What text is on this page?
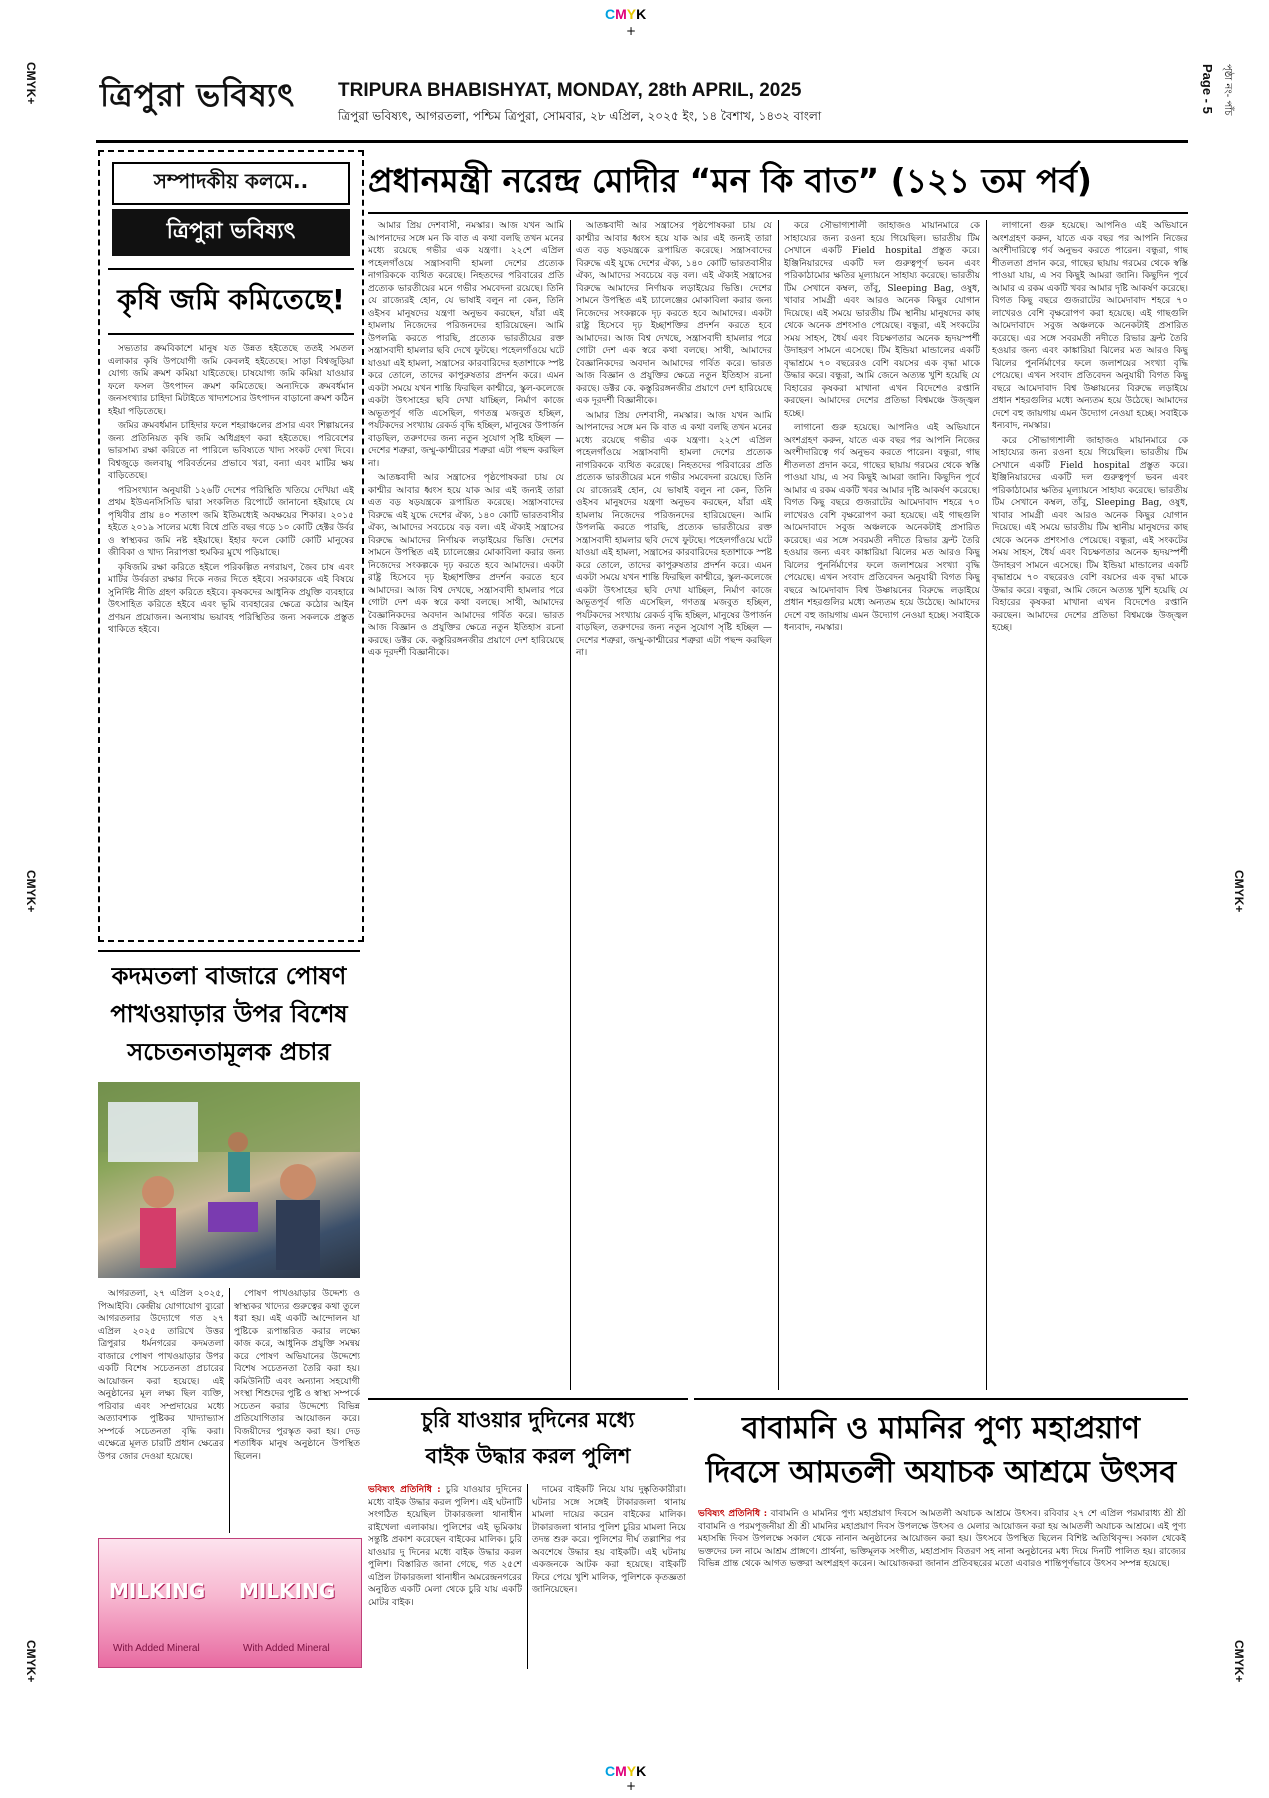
CMYK
+
CMYK
+
CMYK+
CMYK+
CMYK+
CMYK+
CMYK+
ত্রিপুরা ভবিষ্যৎ TRIPURA BHABISHYAT, MONDAY, 28th APRIL, 2025
ত্রিপুরা ভবিষ্যৎ, আগরতলা, পশ্চিম ত্রিপুরা, সোমবার, ২৮ এপ্রিল, ২০২৫ ইং, ১৪ বৈশাখ, ১৪৩২ বাংলা
Page - 5 পৃষ্ঠা নং- পাঁচ
সম্পাদকীয় কলমে..
ত্রিপুরা ভবিষ্যৎ
কৃষি জমি কমিতেছে!

সভ্যতার ক্রমবিকাশে মানুষ যত উন্নত হইতেছে ততই সমতল এলাকার কৃষি উপযোগী জমি কেবলই হইতেছে। সাড়া বিশ্বজুড়িয়া যোগ্য জমি ক্রমশ কমিয়া যাইতেছে। চাষযোগ্য জমি কমিয়া যাওয়ার ফলে ফসল উৎপাদন ক্রমশ কমিতেছে। অন্যদিকে ক্রমবর্ধমান জনসংখ্যার চাহিদা মিটাইতে খাদ্যশস্যের উৎপাদন বাড়ানো ক্রমশ কঠিন হইয়া পড়িতেছে।

জমির ক্রমবর্ধমান চাহিদার ফলে শহরাঞ্চলের প্রসার এবং শিল্পায়নের জন্য প্রতিনিয়ত কৃষি জমি অধিগ্রহণ করা হইতেছে। পরিবেশের ভারসাম্য রক্ষা করিতে না পারিলে ভবিষ্যতে খাদ্য সংকট দেখা দিবে। বিশ্বজুড়ে জলবায়ু পরিবর্তনের প্রভাবে খরা, বন্যা এবং মাটির ক্ষয় বাড়িতেছে।

পরিসংখ্যান অনুযায়ী ১২৬টি দেশের পরিস্থিতি খতিয়ে দেখিয়া এই প্রথম ইউএনসিসিডি দ্বারা সংকলিত রিপোর্টে জানানো হইয়াছে যে পৃথিবীর প্রায় ৪০ শতাংশ জমি ইতিমধ্যেই অবক্ষয়ের শিকার। ২০১৫ হইতে ২০১৯ সালের মধ্যে বিশ্বে প্রতি বছর গড়ে ১০ কোটি হেক্টর উর্বর ও স্বাস্থ্যকর জমি নষ্ট হইয়াছে। ইহার ফলে কোটি কোটি মানুষের জীবিকা ও খাদ্য নিরাপত্তা হুমকির মুখে পড়িয়াছে।

কৃষিজমি রক্ষা করিতে হইলে পরিকল্পিত নগরায়ণ, জৈব চাষ এবং মাটির উর্বরতা রক্ষার দিকে নজর দিতে হইবে। সরকারকে এই বিষয়ে সুনির্দিষ্ট নীতি গ্রহণ করিতে হইবে। কৃষকদের আধুনিক প্রযুক্তি ব্যবহারে উৎসাহিত করিতে হইবে এবং ভূমি ব্যবহারের ক্ষেত্রে কঠোর আইন প্রণয়ন প্রয়োজন। অন্যথায় ভয়াবহ পরিস্থিতির জন্য সকলকে প্রস্তুত থাকিতে হইবে।

প্রধানমন্ত্রী নরেন্দ্র মোদীর “মন কি বাত” (১২১ তম পর্ব)

আমার প্রিয় দেশবাসী, নমস্কার। আজ যখন আমি আপনাদের সঙ্গে মন কি বাত এ কথা বলছি তখন মনের মধ্যে রয়েছে গভীর এক যন্ত্রণা। ২২শে এপ্রিল পহেলগাঁওয়ে সন্ত্রাসবাদী হামলা দেশের প্রত্যেক নাগরিককে ব্যথিত করেছে। নিহতদের পরিবারের প্রতি প্রত্যেক ভারতীয়ের মনে গভীর সমবেদনা রয়েছে। তিনি যে রাজ্যেরই হোন, যে ভাষাই বলুন না কেন, তিনি ওইসব মানুষদের যন্ত্রণা অনুভব করছেন, যাঁরা এই হামলায় নিজেদের পরিজনদের হারিয়েছেন। আমি উপলব্ধি করতে পারছি, প্রত্যেক ভারতীয়ের রক্ত সন্ত্রাসবাদী হামলার ছবি দেখে ফুটছে। পহেলগাঁওয়ে ঘটে যাওয়া এই হামলা, সন্ত্রাসের কারবারিদের হতাশাকে স্পষ্ট করে তোলে, তাদের কাপুরুষতার প্রদর্শন করে। এমন একটা সময়ে যখন শান্তি ফিরছিল কাশ্মীরে, স্কুল-কলেজে একটা উৎসাহের ছবি দেখা যাচ্ছিল, নির্মাণ কাজে অভূতপূর্ব গতি এসেছিল, গণতন্ত্র মজবুত হচ্ছিল, পর্যটকদের সংখ্যায় রেকর্ড বৃদ্ধি হচ্ছিল, মানুষের উপার্জন বাড়ছিল, তরুণদের জন্য নতুন সুযোগ সৃষ্টি হচ্ছিল — দেশের শত্রুরা, জম্মু-কাশ্মীরের শত্রুরা এটা পছন্দ করছিল না।

আতঙ্কবাদী আর সন্ত্রাসের পৃষ্ঠপোষকরা চায় যে কাশ্মীর আবার ধ্বংস হয়ে যাক আর এই জন্যই তারা এত বড় ষড়যন্ত্রকে রূপায়িত করেছে। সন্ত্রাসবাদের বিরুদ্ধে এই যুদ্ধে দেশের ঐক্য, ১৪০ কোটি ভারতবাসীর ঐক্য, আমাদের সবচেয়ে বড় বল। এই ঐক্যই সন্ত্রাসের বিরুদ্ধে আমাদের নির্ণায়ক লড়াইয়ের ভিত্তি। দেশের সামনে উপস্থিত এই চ্যালেঞ্জের মোকাবিলা করার জন্য নিজেদের সংকল্পকে দৃঢ় করতে হবে আমাদের। একটা রাষ্ট্র হিসেবে দৃঢ় ইচ্ছাশক্তির প্রদর্শন করতে হবে আমাদের। আজ বিশ্ব দেখছে, সন্ত্রাসবাদী হামলার পরে গোটা দেশ এক স্বরে কথা বলছে। সাথী, আমাদের বৈজ্ঞানিকদের অবদান আমাদের গর্বিত করে। ভারত আজ বিজ্ঞান ও প্রযুক্তির ক্ষেত্রে নতুন ইতিহাস রচনা করছে। ডক্টর কে. কস্তুরিরঙ্গনজীর প্রয়াণে দেশ হারিয়েছে এক দূরদর্শী বিজ্ঞানীকে।

আতঙ্কবাদী আর সন্ত্রাসের পৃষ্ঠপোষকরা চায় যে কাশ্মীর আবার ধ্বংস হয়ে যাক আর এই জন্যই তারা এত বড় ষড়যন্ত্রকে রূপায়িত করেছে। সন্ত্রাসবাদের বিরুদ্ধে এই যুদ্ধে দেশের ঐক্য, ১৪০ কোটি ভারতবাসীর ঐক্য, আমাদের সবচেয়ে বড় বল। এই ঐক্যই সন্ত্রাসের বিরুদ্ধে আমাদের নির্ণায়ক লড়াইয়ের ভিত্তি। দেশের সামনে উপস্থিত এই চ্যালেঞ্জের মোকাবিলা করার জন্য নিজেদের সংকল্পকে দৃঢ় করতে হবে আমাদের। একটা রাষ্ট্র হিসেবে দৃঢ় ইচ্ছাশক্তির প্রদর্শন করতে হবে আমাদের। আজ বিশ্ব দেখছে, সন্ত্রাসবাদী হামলার পরে গোটা দেশ এক স্বরে কথা বলছে। সাথী, আমাদের বৈজ্ঞানিকদের অবদান আমাদের গর্বিত করে। ভারত আজ বিজ্ঞান ও প্রযুক্তির ক্ষেত্রে নতুন ইতিহাস রচনা করছে। ডক্টর কে. কস্তুরিরঙ্গনজীর প্রয়াণে দেশ হারিয়েছে এক দূরদর্শী বিজ্ঞানীকে।

আমার প্রিয় দেশবাসী, নমস্কার। আজ যখন আমি আপনাদের সঙ্গে মন কি বাত এ কথা বলছি তখন মনের মধ্যে রয়েছে গভীর এক যন্ত্রণা। ২২শে এপ্রিল পহেলগাঁওয়ে সন্ত্রাসবাদী হামলা দেশের প্রত্যেক নাগরিককে ব্যথিত করেছে। নিহতদের পরিবারের প্রতি প্রত্যেক ভারতীয়ের মনে গভীর সমবেদনা রয়েছে। তিনি যে রাজ্যেরই হোন, যে ভাষাই বলুন না কেন, তিনি ওইসব মানুষদের যন্ত্রণা অনুভব করছেন, যাঁরা এই হামলায় নিজেদের পরিজনদের হারিয়েছেন। আমি উপলব্ধি করতে পারছি, প্রত্যেক ভারতীয়ের রক্ত সন্ত্রাসবাদী হামলার ছবি দেখে ফুটছে। পহেলগাঁওয়ে ঘটে যাওয়া এই হামলা, সন্ত্রাসের কারবারিদের হতাশাকে স্পষ্ট করে তোলে, তাদের কাপুরুষতার প্রদর্শন করে। এমন একটা সময়ে যখন শান্তি ফিরছিল কাশ্মীরে, স্কুল-কলেজে একটা উৎসাহের ছবি দেখা যাচ্ছিল, নির্মাণ কাজে অভূতপূর্ব গতি এসেছিল, গণতন্ত্র মজবুত হচ্ছিল, পর্যটকদের সংখ্যায় রেকর্ড বৃদ্ধি হচ্ছিল, মানুষের উপার্জন বাড়ছিল, তরুণদের জন্য নতুন সুযোগ সৃষ্টি হচ্ছিল — দেশের শত্রুরা, জম্মু-কাশ্মীরের শত্রুরা এটা পছন্দ করছিল না।

করে সৌভাগ্যশালী জাহাজও মায়ানমারে কে সাহায্যের জন্য রওনা হয়ে গিয়েছিল। ভারতীয় টিম সেখানে একটি Field hospital প্রস্তুত করে। ইঞ্জিনিয়ারদের একটি দল গুরুত্বপূর্ণ ভবন এবং পরিকাঠামোর ক্ষতির মূল্যায়নে সাহায্য করেছে। ভারতীয় টিম সেখানে কম্বল, তাঁবু, Sleeping Bag, ওষুধ, খাবার সামগ্রী এবং আরও অনেক কিছুর যোগান দিয়েছে। এই সময়ে ভারতীয় টিম স্থানীয় মানুষদের কাছ থেকে অনেক প্রশংসাও পেয়েছে। বন্ধুরা, এই সংকটের সময় সাহস, ধৈর্য এবং বিচক্ষণতার অনেক হৃদয়স্পর্শী উদাহরণ সামনে এসেছে। টিম ইন্ডিয়া মান্ডালের একটি বৃদ্ধাশ্রমে ৭০ বছরেরও বেশি বয়সের এক বৃদ্ধা মাকে উদ্ধার করে। বন্ধুরা, আমি জেনে অত্যন্ত খুশি হয়েছি যে বিহারের কৃষকরা মাখানা এখন বিদেশেও রপ্তানি করছেন। আমাদের দেশের প্রতিভা বিশ্বমঞ্চে উজ্জ্বল হচ্ছে।

লাগানো গুরু হয়েছে। আপনিও এই অভিযানে অংশগ্রহণ করুন, যাতে এক বছর পর আপনি নিজের অংশীদারিত্বে গর্ব অনুভব করতে পারেন। বন্ধুরা, গাছ শীতলতা প্রদান করে, গাছের ছায়ায় গরমের থেকে স্বস্তি পাওয়া যায়, এ সব কিছুই আমরা জানি। কিছুদিন পূর্বে আমার এ রকম একটি খবর আমার দৃষ্টি আকর্ষণ করেছে। বিগত কিছু বছরে গুজরাটের আমেদাবাদ শহরে ৭০ লাখেরও বেশি বৃক্ষরোপণ করা হয়েছে। এই গাছগুলি আমেদাবাদে সবুজ অঞ্চলকে অনেকটাই প্রসারিত করেছে। এর সঙ্গে সবরমতী নদীতে রিভার ফ্রন্ট তৈরি হওয়ার জন্য এবং কাঙ্কারিয়া ঝিলের মত আরও কিছু ঝিলের পুনর্নির্মাণের ফলে জলাশয়ের সংখ্যা বৃদ্ধি পেয়েছে। এখন সংবাদ প্রতিবেদন অনুযায়ী বিগত কিছু বছরে আমেদাবাদ বিশ্ব উষ্ণায়নের বিরুদ্ধে লড়াইয়ে প্রধান শহরগুলির মধ্যে অন্যতম হয়ে উঠেছে। আমাদের দেশে বহু জায়গায় এমন উদ্যোগ নেওয়া হচ্ছে। সবাইকে ধন্যবাদ, নমস্কার।

লাগানো গুরু হয়েছে। আপনিও এই অভিযানে অংশগ্রহণ করুন, যাতে এক বছর পর আপনি নিজের অংশীদারিত্বে গর্ব অনুভব করতে পারেন। বন্ধুরা, গাছ শীতলতা প্রদান করে, গাছের ছায়ায় গরমের থেকে স্বস্তি পাওয়া যায়, এ সব কিছুই আমরা জানি। কিছুদিন পূর্বে আমার এ রকম একটি খবর আমার দৃষ্টি আকর্ষণ করেছে। বিগত কিছু বছরে গুজরাটের আমেদাবাদ শহরে ৭০ লাখেরও বেশি বৃক্ষরোপণ করা হয়েছে। এই গাছগুলি আমেদাবাদে সবুজ অঞ্চলকে অনেকটাই প্রসারিত করেছে। এর সঙ্গে সবরমতী নদীতে রিভার ফ্রন্ট তৈরি হওয়ার জন্য এবং কাঙ্কারিয়া ঝিলের মত আরও কিছু ঝিলের পুনর্নির্মাণের ফলে জলাশয়ের সংখ্যা বৃদ্ধি পেয়েছে। এখন সংবাদ প্রতিবেদন অনুযায়ী বিগত কিছু বছরে আমেদাবাদ বিশ্ব উষ্ণায়নের বিরুদ্ধে লড়াইয়ে প্রধান শহরগুলির মধ্যে অন্যতম হয়ে উঠেছে। আমাদের দেশে বহু জায়গায় এমন উদ্যোগ নেওয়া হচ্ছে। সবাইকে ধন্যবাদ, নমস্কার।

করে সৌভাগ্যশালী জাহাজও মায়ানমারে কে সাহায্যের জন্য রওনা হয়ে গিয়েছিল। ভারতীয় টিম সেখানে একটি Field hospital প্রস্তুত করে। ইঞ্জিনিয়ারদের একটি দল গুরুত্বপূর্ণ ভবন এবং পরিকাঠামোর ক্ষতির মূল্যায়নে সাহায্য করেছে। ভারতীয় টিম সেখানে কম্বল, তাঁবু, Sleeping Bag, ওষুধ, খাবার সামগ্রী এবং আরও অনেক কিছুর যোগান দিয়েছে। এই সময়ে ভারতীয় টিম স্থানীয় মানুষদের কাছ থেকে অনেক প্রশংসাও পেয়েছে। বন্ধুরা, এই সংকটের সময় সাহস, ধৈর্য এবং বিচক্ষণতার অনেক হৃদয়স্পর্শী উদাহরণ সামনে এসেছে। টিম ইন্ডিয়া মান্ডালের একটি বৃদ্ধাশ্রমে ৭০ বছরেরও বেশি বয়সের এক বৃদ্ধা মাকে উদ্ধার করে। বন্ধুরা, আমি জেনে অত্যন্ত খুশি হয়েছি যে বিহারের কৃষকরা মাখানা এখন বিদেশেও রপ্তানি করছেন। আমাদের দেশের প্রতিভা বিশ্বমঞ্চে উজ্জ্বল হচ্ছে।

কদমতলা বাজারে পোষণ
পাখওয়াড়ার উপর বিশেষ
সচেতনতামূলক প্রচার

আগরতলা, ২৭ এপ্রিল ২০২৫, পিআইবি। কেন্দ্রীয় যোগাযোগ ব্যুরো আগরতলার উদ্যোগে গত ২৭ এপ্রিল ২০২৫ তারিখে উত্তর ত্রিপুরার ধর্মনগরের কদমতলা বাজারে পোষণ পাখওয়াড়ার উপর একটি বিশেষ সচেতনতা প্রচারের আয়োজন করা হয়েছে। এই অনুষ্ঠানের মূল লক্ষ্য ছিল ব্যক্তি, পরিবার এবং সম্প্রদায়ের মধ্যে অত্যাবশ্যক পুষ্টিকর খাদ্যাভ্যাস সম্পর্কে সচেতনতা বৃদ্ধি করা। এক্ষেত্রে মূলত চারটি প্রধান ক্ষেত্রের উপর জোর দেওয়া হয়েছে।

পোষণ পাখওয়াড়ার উদ্দেশ্য ও স্বাস্থ্যকর খাদ্যের গুরুত্বের কথা তুলে ধরা হয়। এই একটি আন্দোলন যা পুষ্টিকে রূপান্তরিত করার লক্ষ্যে কাজ করে, আধুনিক প্রযুক্তি সমন্বয় করে পোষণ অভিযানের উদ্দেশ্যে বিশেষ সচেতনতা তৈরি করা হয়। কমিউনিটি এবং অন্যান্য সহযোগী সংস্থা শিশুদের পুষ্টি ও স্বাস্থ্য সম্পর্কে সচেতন করার উদ্দেশ্যে বিভিন্ন প্রতিযোগিতার আয়োজন করে। বিজয়ীদের পুরস্কৃত করা হয়। দেড় শতাধিক মানুষ অনুষ্ঠানে উপস্থিত ছিলেন।

MILKING MILKING
With Added Mineral	With Added Mineral
চুরি যাওয়ার দুদিনের মধ্যে
বাইক উদ্ধার করল পুলিশ

ভবিষ্যৎ প্রতিনিধি : চুরি যাওয়ার দুদিনের মধ্যে বাইক উদ্ধার করল পুলিশ। এই ঘটনাটি সংগঠিত হয়েছিল টাকারজলা থানাধীন রাইখেলা এলাকায়। পুলিশের এই ভূমিকায় সন্তুষ্টি প্রকাশ করেছেন বাইকের মালিক। চুরি যাওয়ার দু দিনের মধ্যে বাইক উদ্ধার করল পুলিশ। বিস্তারিত জানা গেছে, গত ২৫শে এপ্রিল টাকারজলা থানাধীন অমরেন্দ্রনগরের অনুষ্ঠিত একটি মেলা থেকে চুরি যায় একটি মোটর বাইক।

দামের বাইকটি নিয়ে যায় দুষ্কৃতিকারীরা। ঘটনার সঙ্গে সঙ্গেই টাকারজলা থানায় মামলা দায়ের করেন বাইকের মালিক। টাকারজলা থানার পুলিশ চুরির মামলা নিয়ে তদন্ত শুরু করে। পুলিশের দীর্ঘ তল্লাশির পর অবশেষে উদ্ধার হয় বাইকটি। এই ঘটনায় একজনকে আটক করা হয়েছে। বাইকটি ফিরে পেয়ে খুশি মালিক, পুলিশকে কৃতজ্ঞতা জানিয়েছেন।

বাবামনি ও মামনির পুণ্য মহাপ্রয়াণ
দিবসে আমতলী অযাচক আশ্রমে উৎসব

ভবিষ্যৎ প্রতিনিধি : বাবামনি ও মামনির পুণ্য মহাপ্রয়াণ দিবসে আমতলী অযাচক আশ্রমে উৎসব। রবিবার ২৭ শে এপ্রিল পরমারাধ্য শ্রী শ্রী বাবামনি ও পরমপূজনীয়া শ্রী শ্রী মামনির মহাপ্রয়াণ দিবস উপলক্ষে উৎসব ও মেলার আয়োজন করা হয় আমতলী অযাচক আশ্রমে। এই পুণ্য মহাসন্ধি দিবস উপলক্ষে সকাল থেকে নানান অনুষ্ঠানের আয়োজন করা হয়। উৎসবে উপস্থিত ছিলেন বিশিষ্ট অতিথিবৃন্দ। সকাল থেকেই ভক্তদের ঢল নামে আশ্রম প্রাঙ্গণে। প্রার্থনা, ভক্তিমূলক সংগীত, মহাপ্রসাদ বিতরণ সহ নানা অনুষ্ঠানের মধ্য দিয়ে দিনটি পালিত হয়। রাজ্যের বিভিন্ন প্রান্ত থেকে আগত ভক্তরা অংশগ্রহণ করেন। আয়োজকরা জানান প্রতিবছরের মতো এবারও শান্তিপূর্ণভাবে উৎসব সম্পন্ন হয়েছে।
